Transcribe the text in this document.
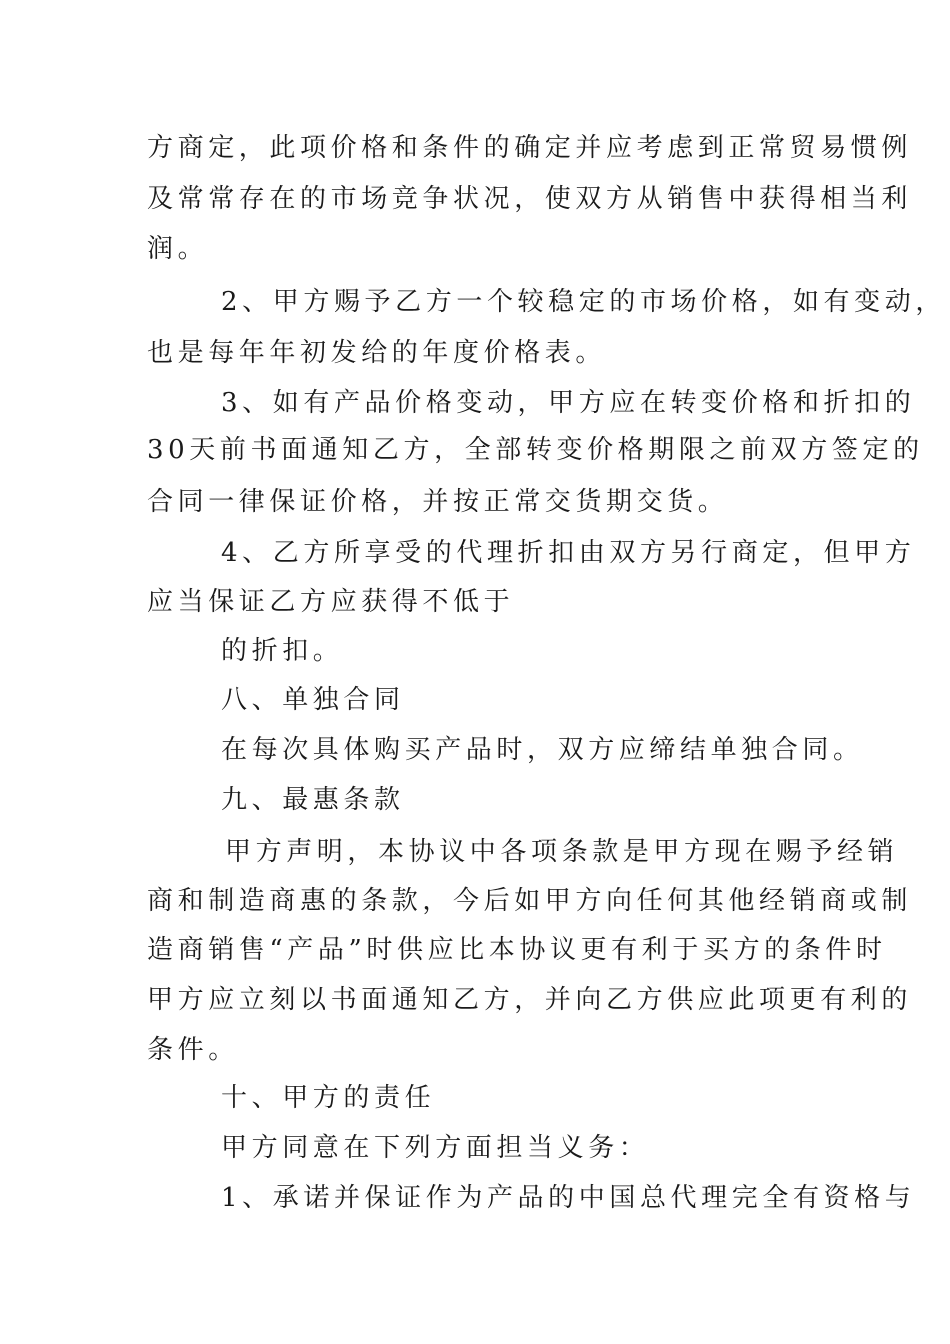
方商定，此项价格和条件的确定并应考虑到正常贸易惯例
及常常存在的市场竞争状况，使双方从销售中获得相当利
润。
2、甲方赐予乙方一个较稳定的市场价格，如有变动，
也是每年年初发给的年度价格表。
3、如有产品价格变动，甲方应在转变价格和折扣的
30天前书面通知乙方，全部转变价格期限之前双方签定的
合同一律保证价格，并按正常交货期交货。
4、乙方所享受的代理折扣由双方另行商定，但甲方
应当保证乙方应获得不低于
的折扣。
八、单独合同
在每次具体购买产品时，双方应缔结单独合同。
九、最惠条款
甲方声明，本协议中各项条款是甲方现在赐予经销
商和制造商惠的条款，今后如甲方向任何其他经销商或制
造商销售“产品”时供应比本协议更有利于买方的条件时
甲方应立刻以书面通知乙方，并向乙方供应此项更有利的
条件。
十、甲方的责任
甲方同意在下列方面担当义务：
1、承诺并保证作为产品的中国总代理完全有资格与
